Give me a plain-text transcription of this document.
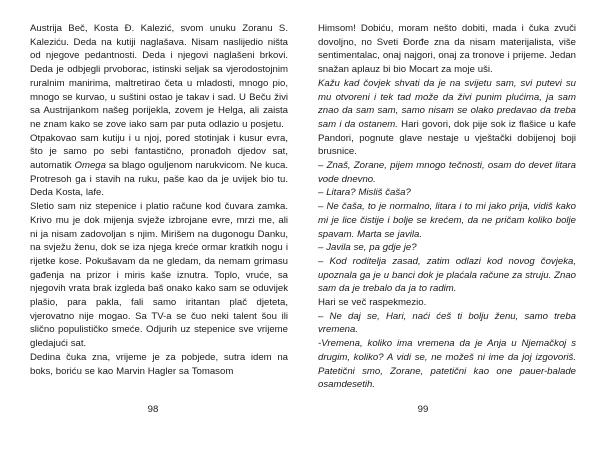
Austrija Beč, Kosta Đ. Kalezić, svom unuku Zoranu S. Kaleziću. Deda na kutiji naglašava. Nisam naslijedio ništa od njegove pedantnosti. Deda i njegovi naglašeni brkovi. Deda je odbjegli prvoborac, istinski seljak sa vjerodostojnim ruralnim manirima, maltretirao četa u mladosti, mnogo pio, mnogo se kurvao, u suštini ostao je takav i sad. U Beču živi sa Austrijankom našeg porijekla, zovem je Helga, ali zaista ne znam kako se zove iako sam par puta odlazio u posjetu.

Otpakovao sam kutiju i u njoj, pored stotinjak i kusur evra, što je samo po sebi fantastično, pronađoh djedov sat, automatik Omega sa blago oguljenom narukvicom. Ne kuca. Protresoh ga i stavih na ruku, paše kao da je uvijek bio tu. Deda Kosta, lafe.

Sletio sam niz stepenice i platio račune kod čuvara zamka. Krivo mu je dok mijenja svježe izbrojane evre, mrzi me, ali ni ja nisam zadovoljan s njim. Mirišem na dugonogu Danku, na svježu ženu, dok se iza njega kreće ormar kratkih nogu i rijetke kose. Pokušavam da ne gledam, da nemam grimasu gađenja na prizor i miris kaše iznutra. Toplo, vruće, sa njegovih vrata brak izgleda baš onako kako sam se oduvijek plašio, para pakla, fali samo iritantan plač djeteta, vjerovatno nije mogao. Sa TV-a se čuo neki talent šou ili slično populističko smeće. Odjurih uz stepenice sve vrijeme gledajući sat.

Dedina čuka zna, vrijeme je za pobjede, sutra idem na boks, boriću se kao Marvin Hagler sa Tomasom

98

Himsom! Dobiću, moram nešto dobiti, mada i čuka zvuči dovoljno, no Sveti Đorđe zna da nisam materijalista, više sentimentalac, onaj najgori, onaj za tronove i prijeme. Jedan snažan aplauz bi bio Mocart za moje uši.

Kažu kad čovjek shvati da je na svijetu sam, svi putevi su mu otvoreni i tek tad može da živi punim plućima, ja sam znao da sam sam, samo nisam se olako predavao da treba sam i da ostanem. Hari govori, dok pije sok iz flašice u kafe Pandori, pognute glave nestaje u vještački dobijenoj boji brusnice.

– Znaš, Zorane, pijem mnogo tečnosti, osam do devet litara vode dnevno.

– Litara? Misliš čaša?

– Ne čaša, to je normalno, litara i to mi jako prija, vidiš kako mi je lice čistije i bolje se krećem, da ne pričam koliko bolje spavam. Marta se javila.

– Javila se, pa gdje je?

– Kod roditelja zasad, zatim odlazi kod novog čovjeka, upoznala ga je u banci dok je plaćala račune za struju. Znao sam da je trebalo da ja to radim.

Hari se več raspekmezio.

– Ne daj se, Hari, naći ćeš ti bolju ženu, samo treba vremena.

-Vremena, koliko ima vremena da je Anja u Njemačkoj s drugim, koliko? A vidi se, ne možeš ni ime da joj izgovoriš. Patetični smo, Zorane, patetični kao one pauer-balade osamdesetih.

99
